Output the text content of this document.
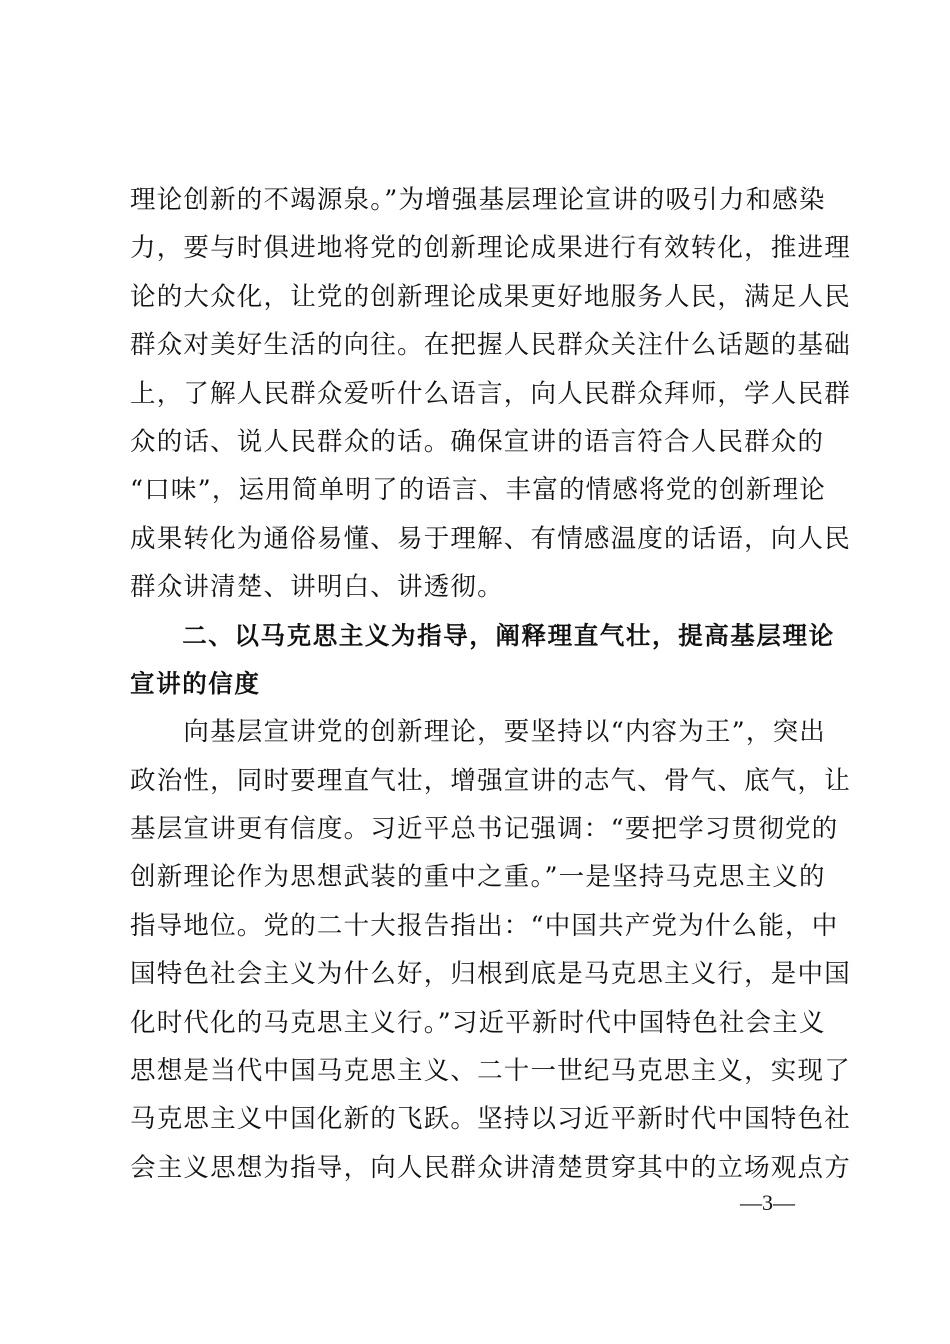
理论创新的不竭源泉。”为增强基层理论宣讲的吸引力和感染
力，要与时俱进地将党的创新理论成果进行有效转化，推进理
论的大众化，让党的创新理论成果更好地服务人民，满足人民
群众对美好生活的向往。在把握人民群众关注什么话题的基础
上，了解人民群众爱听什么语言，向人民群众拜师，学人民群
众的话、说人民群众的话。确保宣讲的语言符合人民群众的
“口味”，运用简单明了的语言、丰富的情感将党的创新理论
成果转化为通俗易懂、易于理解、有情感温度的话语，向人民
群众讲清楚、讲明白、讲透彻。
　　二、以马克思主义为指导，阐释理直气壮，提高基层理论
宣讲的信度
　　向基层宣讲党的创新理论，要坚持以“内容为王”，突出
政治性，同时要理直气壮，增强宣讲的志气、骨气、底气，让
基层宣讲更有信度。习近平总书记强调：“要把学习贯彻党的
创新理论作为思想武装的重中之重。”一是坚持马克思主义的
指导地位。党的二十大报告指出：“中国共产党为什么能，中
国特色社会主义为什么好，归根到底是马克思主义行，是中国
化时代化的马克思主义行。”习近平新时代中国特色社会主义
思想是当代中国马克思主义、二十一世纪马克思主义，实现了
马克思主义中国化新的飞跃。坚持以习近平新时代中国特色社
会主义思想为指导，向人民群众讲清楚贯穿其中的立场观点方
—3—
